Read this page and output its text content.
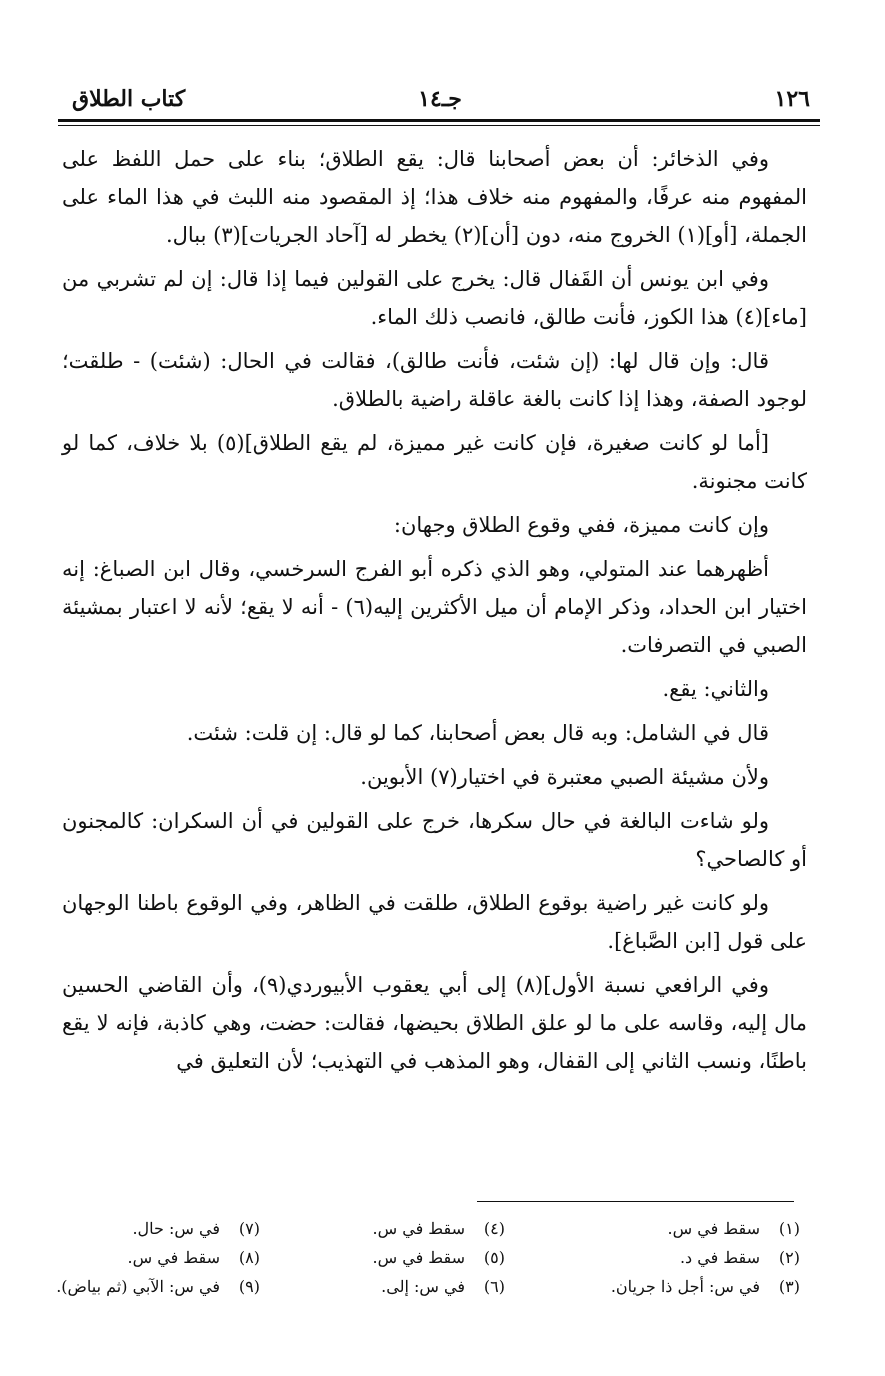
١٢٦
جـ١٤
كتاب الطلاق

وفي الذخائر: أن بعض أصحابنا قال: يقع الطلاق؛ بناء على حمل اللفظ على المفهوم منه عرفًا، والمفهوم منه خلاف هذا؛ إذ المقصود منه اللبث في هذا الماء على الجملة، [أو](١) الخروج منه، دون [أن](٢) يخطر له [آحاد الجريات](٣) ببال.

وفي ابن يونس أن القَفال قال: يخرج على القولين فيما إذا قال: إن لم تشربي من [ماء](٤) هذا الكوز، فأنت طالق، فانصب ذلك الماء.

قال: وإن قال لها: (إن شئت، فأنت طالق)، فقالت في الحال: (شئت) - طلقت؛ لوجود الصفة، وهذا إذا كانت بالغة عاقلة راضية بالطلاق.

[أما لو كانت صغيرة، فإن كانت غير مميزة، لم يقع الطلاق](٥) بلا خلاف، كما لو كانت مجنونة.

وإن كانت مميزة، ففي وقوع الطلاق وجهان:

أظهرهما عند المتولي، وهو الذي ذكره أبو الفرج السرخسي، وقال ابن الصباغ: إنه اختيار ابن الحداد، وذكر الإمام أن ميل الأكثرين إليه(٦) - أنه لا يقع؛ لأنه لا اعتبار بمشيئة الصبي في التصرفات.

والثاني: يقع.

قال في الشامل: وبه قال بعض أصحابنا، كما لو قال: إن قلت: شئت.

ولأن مشيئة الصبي معتبرة في اختيار(٧) الأبوين.

ولو شاءت البالغة في حال سكرها، خرج على القولين في أن السكران: كالمجنون أو كالصاحي؟

ولو كانت غير راضية بوقوع الطلاق، طلقت في الظاهر، وفي الوقوع باطنا الوجهان على قول [ابن الصَّباغ].

وفي الرافعي نسبة الأول](٨) إلى أبي يعقوب الأبيوردي(٩)، وأن القاضي الحسين مال إليه، وقاسه على ما لو علق الطلاق بحيضها، فقالت: حضت، وهي كاذبة، فإنه لا يقع باطنًا، ونسب الثاني إلى القفال، وهو المذهب في التهذيب؛ لأن التعليق في

(١)سقط في س.
(٢)سقط في د.
(٣)في س: أجل ذا جريان.
(٤)سقط في س.
(٥)سقط في س.
(٦)في س: إلى.
(٧)في س: حال.
(٨)سقط في س.
(٩)في س: الآبي (ثم بياض).
